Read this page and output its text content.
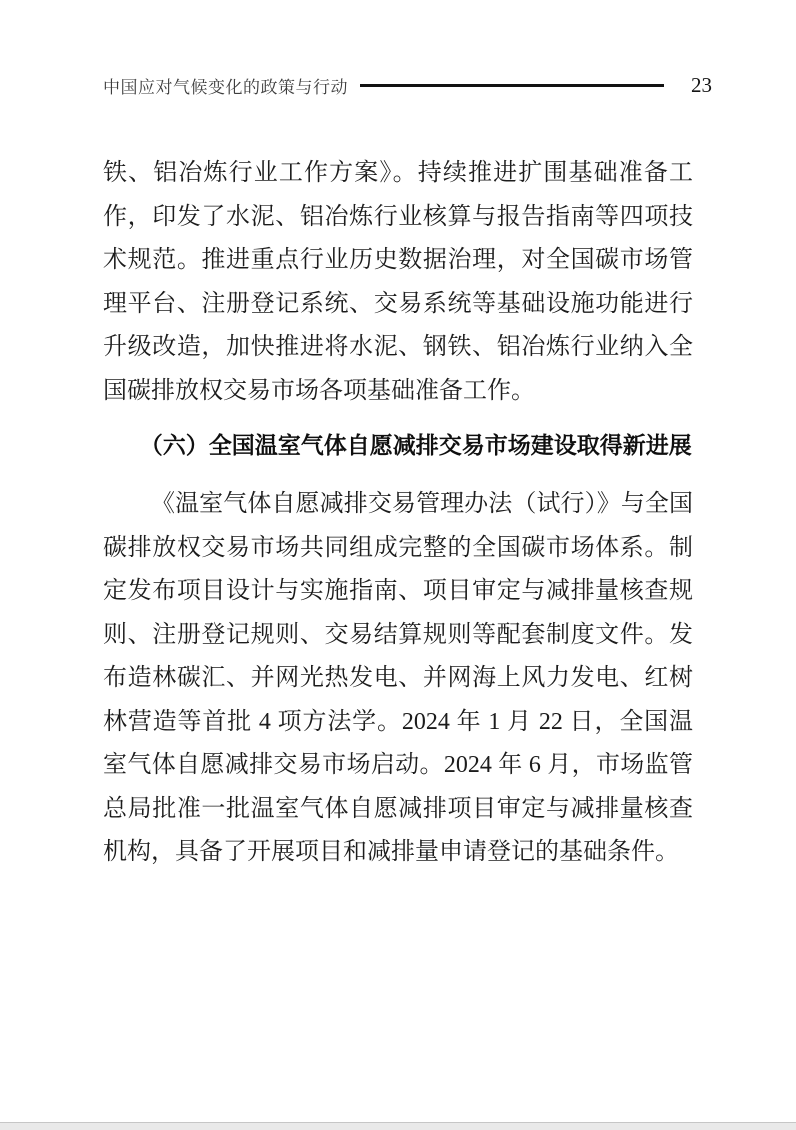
中国应对气候变化的政策与行动	23

铁、铝冶炼行业工作方案》。持续推进扩围基础准备工作，印发了水泥、铝冶炼行业核算与报告指南等四项技术规范。推进重点行业历史数据治理，对全国碳市场管理平台、注册登记系统、交易系统等基础设施功能进行升级改造，加快推进将水泥、钢铁、铝冶炼行业纳入全国碳排放权交易市场各项基础准备工作。

（六）全国温室气体自愿减排交易市场建设取得新进展

《温室气体自愿减排交易管理办法（试行）》与全国碳排放权交易市场共同组成完整的全国碳市场体系。制定发布项目设计与实施指南、项目审定与减排量核查规则、注册登记规则、交易结算规则等配套制度文件。发布造林碳汇、并网光热发电、并网海上风力发电、红树林营造等首批 4 项方法学。2024 年 1 月 22 日，全国温室气体自愿减排交易市场启动。2024 年 6 月，市场监管总局批准一批温室气体自愿减排项目审定与减排量核查机构，具备了开展项目和减排量申请登记的基础条件。
